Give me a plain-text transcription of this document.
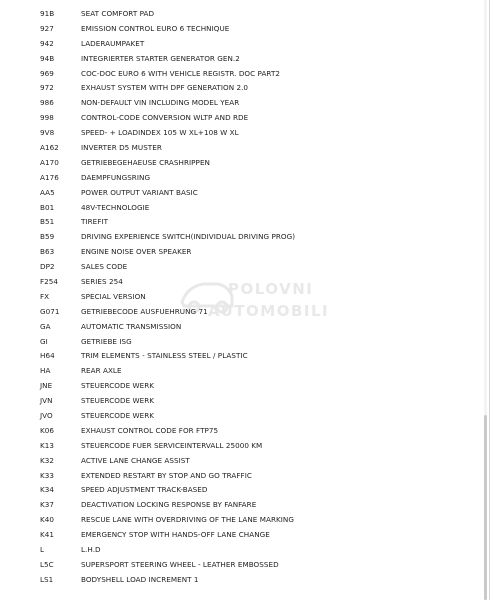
91B	SEAT COMFORT PAD
927	EMISSION CONTROL EURO 6 TECHNIQUE
942	LADERAUMPAKET
94B	INTEGRIERTER STARTER GENERATOR GEN.2
969	COC-DOC EURO 6 WITH VEHICLE REGISTR. DOC PART2
972	EXHAUST SYSTEM WITH DPF GENERATION 2.0
986	NON-DEFAULT VIN INCLUDING MODEL YEAR
998	CONTROL-CODE CONVERSION WLTP AND RDE
9V8	SPEED- + LOADINDEX 105 W XL+108 W XL
A162	INVERTER D5 MUSTER
A170	GETRIEBEGEHAEUSE CRASHRIPPEN
A176	DAEMPFUNGSRING
AA5	POWER OUTPUT VARIANT BASIC
B01	48V-TECHNOLOGIE
B51	TIREFIT
B59	DRIVING EXPERIENCE SWITCH(INDIVIDUAL DRIVING PROG)
B63	ENGINE NOISE OVER SPEAKER
DP2	SALES CODE
F254	SERIES 254
FX	SPECIAL VERSION
G071	GETRIEBECODE AUSFUEHRUNG 71
GA	AUTOMATIC TRANSMISSION
GI	GETRIEBE ISG
H64	TRIM ELEMENTS - STAINLESS STEEL / PLASTIC
HA	REAR AXLE
JNE	STEUERCODE WERK
JVN	STEUERCODE WERK
JVO	STEUERCODE WERK
K06	EXHAUST CONTROL CODE FOR FTP75
K13	STEUERCODE FUER SERVICEINTERVALL 25000 KM
K32	ACTIVE LANE CHANGE ASSIST
K33	EXTENDED RESTART BY STOP AND GO TRAFFIC
K34	SPEED ADJUSTMENT TRACK-BASED
K37	DEACTIVATION LOCKING RESPONSE BY FANFARE
K40	RESCUE LANE WITH OVERDRIVING OF THE LANE MARKING
K41	EMERGENCY STOP WITH HANDS-OFF LANE CHANGE
L	L.H.D
L5C	SUPERSPORT STEERING WHEEL - LEATHER EMBOSSED
LS1	BODYSHELL LOAD INCREMENT 1
POLOVNI
AUTOMOBILI
